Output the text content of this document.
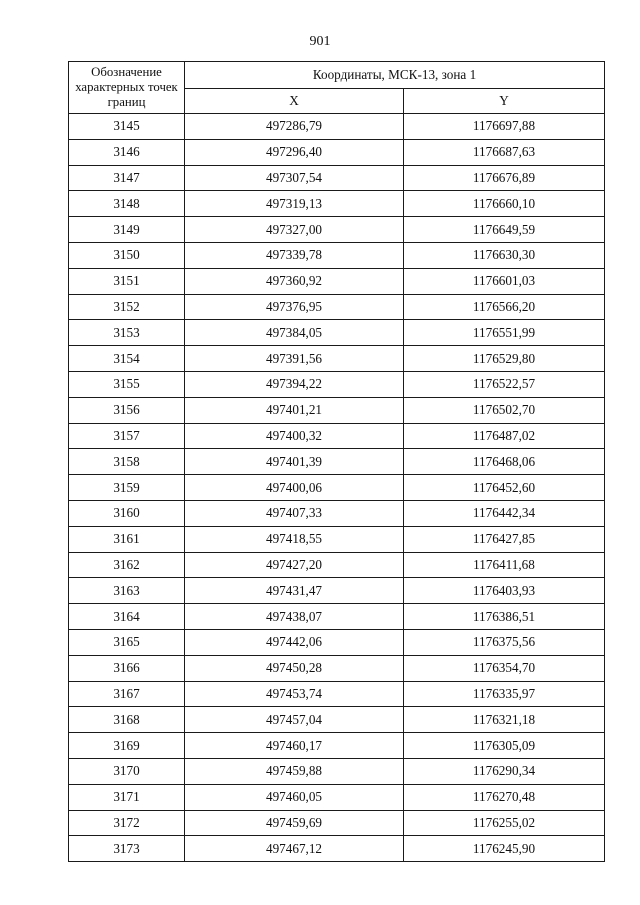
901
Обозначение характерных точек границ	Координаты, МСК-13, зона 1	
	X	Y
3145	497286,79	1176697,88
3146	497296,40	1176687,63
3147	497307,54	1176676,89
3148	497319,13	1176660,10
3149	497327,00	1176649,59
3150	497339,78	1176630,30
3151	497360,92	1176601,03
3152	497376,95	1176566,20
3153	497384,05	1176551,99
3154	497391,56	1176529,80
3155	497394,22	1176522,57
3156	497401,21	1176502,70
3157	497400,32	1176487,02
3158	497401,39	1176468,06
3159	497400,06	1176452,60
3160	497407,33	1176442,34
3161	497418,55	1176427,85
3162	497427,20	1176411,68
3163	497431,47	1176403,93
3164	497438,07	1176386,51
3165	497442,06	1176375,56
3166	497450,28	1176354,70
3167	497453,74	1176335,97
3168	497457,04	1176321,18
3169	497460,17	1176305,09
3170	497459,88	1176290,34
3171	497460,05	1176270,48
3172	497459,69	1176255,02
3173	497467,12	1176245,90
